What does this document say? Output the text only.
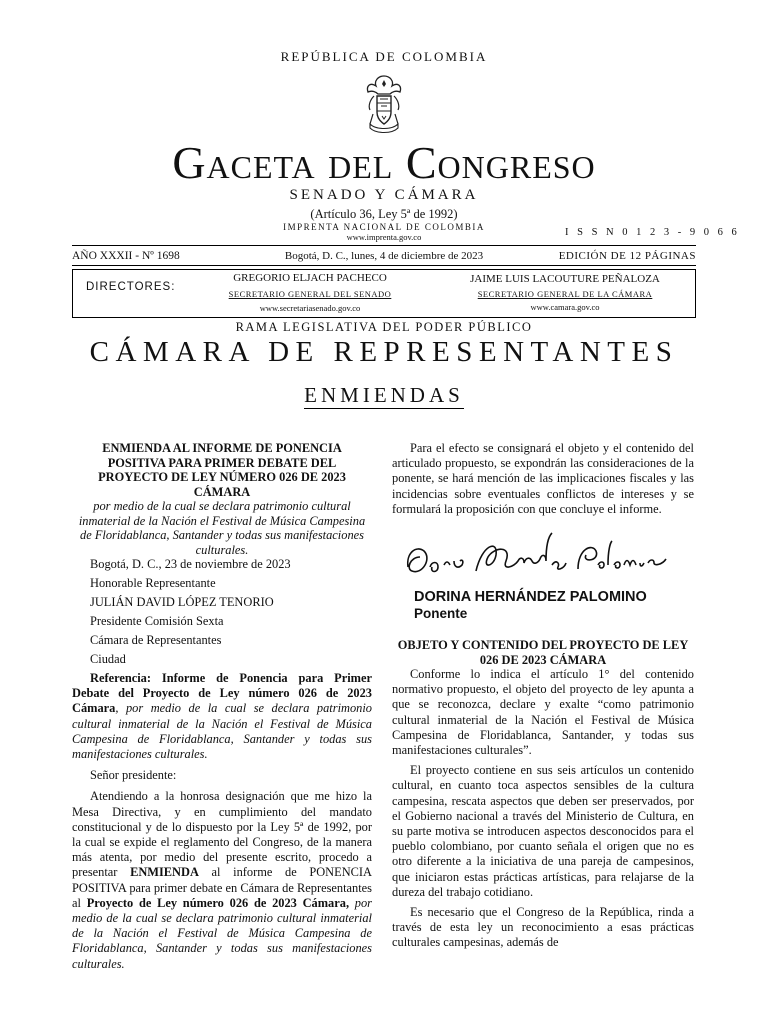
REPÚBLICA DE COLOMBIA
Gaceta del Congreso
SENADO Y CÁMARA
(Artículo 36, Ley 5ª de 1992)
IMPRENTA NACIONAL DE COLOMBIA
www.imprenta.gov.co	I S S N 0 1 2 3 - 9 0 6 6
AÑO XXXII - Nº 1698	Bogotá, D. C., lunes, 4 de diciembre de 2023	EDICIÓN DE 12 PÁGINAS
DIRECTORES:
GREGORIO ELJACH PACHECO
SECRETARIO GENERAL DEL SENADO
www.secretariasenado.gov.co
JAIME LUIS LACOUTURE PEÑALOZA
SECRETARIO GENERAL DE LA CÁMARA
www.camara.gov.co
RAMA LEGISLATIVA DEL PODER PÚBLICO
CÁMARA DE REPRESENTANTES
ENMIENDAS

ENMIENDA AL INFORME DE PONENCIA POSITIVA PARA PRIMER DEBATE DEL PROYECTO DE LEY NÚMERO 026 DE 2023 CÁMARA

por medio de la cual se declara patrimonio cultural inmaterial de la Nación el Festival de Música Campesina de Floridablanca, Santander y todas sus manifestaciones culturales.

Bogotá, D. C., 23 de noviembre de 2023

Honorable Representante

JULIÁN DAVID LÓPEZ TENORIO

Presidente Comisión Sexta

Cámara de Representantes

Ciudad

Referencia: Informe de Ponencia para Primer Debate del Proyecto de Ley número 026 de 2023 Cámara, por medio de la cual se declara patrimonio cultural inmaterial de la Nación el Festival de Música Campesina de Floridablanca, Santander y todas sus manifestaciones culturales.

Señor presidente:

Atendiendo a la honrosa designación que me hizo la Mesa Directiva, y en cumplimiento del mandato constitucional y de lo dispuesto por la Ley 5ª de 1992, por la cual se expide el reglamento del Congreso, de la manera más atenta, por medio del presente escrito, procedo a presentar ENMIENDA al informe de PONENCIA POSITIVA para primer debate en Cámara de Representantes al Proyecto de Ley número 026 de 2023 Cámara, por medio de la cual se declara patrimonio cultural inmaterial de la Nación el Festival de Música Campesina de Floridablanca, Santander y todas sus manifestaciones culturales.

Para el efecto se consignará el objeto y el contenido del articulado propuesto, se expondrán las consideraciones de la ponente, se hará mención de las implicaciones fiscales y las incidencias sobre eventuales conflictos de intereses y se formulará la proposición con que concluye el informe.

DORINA HERNÁNDEZ PALOMINO
Ponente

OBJETO Y CONTENIDO DEL PROYECTO DE LEY 026 DE 2023 CÁMARA

Conforme lo indica el artículo 1° del contenido normativo propuesto, el objeto del proyecto de ley apunta a que se reconozca, declare y exalte “como patrimonio cultural inmaterial de la Nación el Festival de Música Campesina de Floridablanca, Santander, y todas sus manifestaciones culturales”.

El proyecto contiene en sus seis artículos un contenido cultural, en cuanto toca aspectos sensibles de la cultura campesina, rescata aspectos que deben ser preservados, por el Gobierno nacional a través del Ministerio de Cultura, en su parte motiva se introducen aspectos desconocidos para el pueblo colombiano, por cuanto señala el origen que no es otro diferente a la iniciativa de una pareja de campesinos, que iniciaron estas prácticas artísticas, para relajarse de la dureza del trabajo cotidiano.

Es necesario que el Congreso de la República, rinda a través de esta ley un reconocimiento a esas prácticas culturales campesinas, además de
